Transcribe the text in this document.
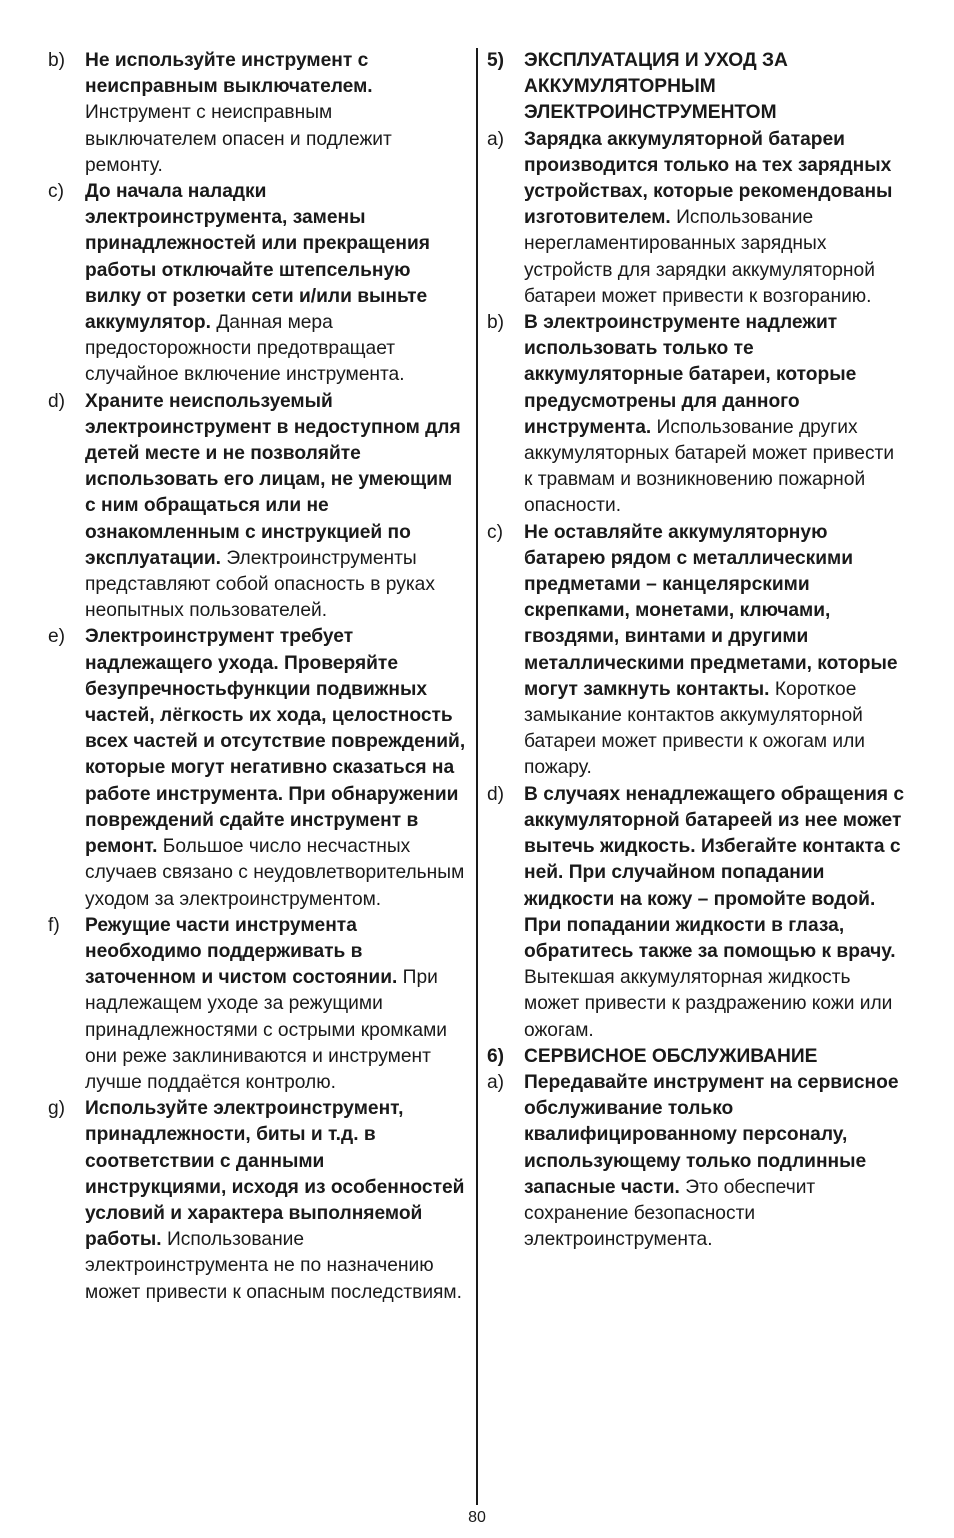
b) Не используйте инструмент с неисправным выключателем. Инструмент с неисправным выключателем опасен и подлежит ремонту.
c) До начала наладки электроинструмента, замены принадлежностей или прекращения работы отключайте штепсельную вилку от розетки сети и/или выньте аккумулятор. Данная мера предосторожности предотвращает случайное включение инструмента.
d) Храните неиспользуемый электроинструмент в недоступном для детей месте и не позволяйте использовать его лицам, не умеющим с ним обращаться или не ознакомленным с инструкцией по эксплуатации. Электроинструменты представляют собой опасность в руках неопытных пользователей.
e) Электроинструмент требует надлежащего ухода. Проверяйте безупречностьфункции подвижных частей, лёгкость их хода, целостность всех частей и отсутствие повреждений, которые могут негативно сказаться на работе инструмента. При обнаружении повреждений сдайте инструмент в ремонт. Большое число несчастных случаев связано с неудовлетворительным уходом за электроинструментом.
f) Режущие части инструмента необходимо поддерживать в заточенном и чистом состоянии. При надлежащем уходе за режущими принадлежностями с острыми кромками они реже заклиниваются и инструмент лучше поддаётся контролю.
g) Используйте электроинструмент, принадлежности, биты и т.д. в соответствии с данными инструкциями, исходя из особенностей условий и характера выполняемой работы. Использование электроинструмента не по назначению может привести к опасным последствиям.
5) ЭКСПЛУАТАЦИЯ И УХОД ЗА АККУМУЛЯТОРНЫМ ЭЛЕКТРОИНСТРУМЕНТОМ
a) Зарядка аккумуляторной батареи производится только на тех зарядных устройствах, которые рекомендованы изготовителем. Использование нерегламентированных зарядных устройств для зарядки аккумуляторной батареи может привести к возгоранию.
b) В электроинструменте надлежит использовать только те аккумуляторные батареи, которые предусмотрены для данного инструмента. Использование других аккумуляторных батарей может привести к травмам и возникновению пожарной опасности.
c) Не оставляйте аккумуляторную батарею рядом с металлическими предметами – канцелярскими скрепками, монетами, ключами, гвоздями, винтами и другими металлическими предметами, которые могут замкнуть контакты. Короткое замыкание контактов аккумуляторной батареи может привести к ожогам или пожару.
d) В случаях ненадлежащего обращения с аккумуляторной батареей из нее может вытечь жидкость. Избегайте контакта с ней. При случайном попадании жидкости на кожу – промойте водой. При попадании жидкости в глаза, обратитесь также за помощью к врачу. Вытекшая аккумуляторная жидкость может привести к раздражению кожи или ожогам.
6) СЕРВИСНОЕ ОБСЛУЖИВАНИЕ
a) Передавайте инструмент на сервисное обслуживание только квалифицированному персоналу, использующему только подлинные запасные части. Это обеспечит сохранение безопасности электроинструмента.
80
